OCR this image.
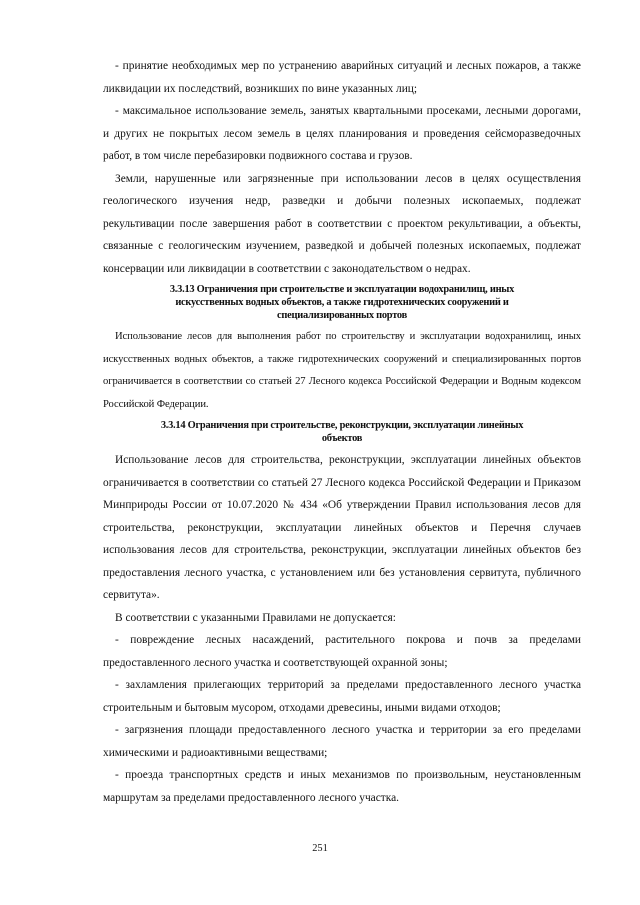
- принятие необходимых мер по устранению аварийных ситуаций и лесных пожаров, а также ликвидации их последствий, возникших по вине указанных лиц;

- максимальное использование земель, занятых квартальными просеками, лесными дорогами, и других не покрытых лесом земель в целях планирования и проведения сейсморазведочных работ, в том числе перебазировки подвижного состава и грузов.

Земли, нарушенные или загрязненные при использовании лесов в целях осуществления геологического изучения недр, разведки и добычи полезных ископаемых, подлежат рекультивации после завершения работ в соответствии с проектом рекультивации, а объекты, связанные с геологическим изучением, разведкой и добычей полезных ископаемых, подлежат консервации или ликвидации в соответствии с законодательством о недрах.

3.3.13 Ограничения при строительстве и эксплуатации водохранилищ, иных искусственных водных объектов, а также гидротехнических сооружений и специализированных портов

Использование лесов для выполнения работ по строительству и эксплуатации водохранилищ, иных искусственных водных объектов, а также гидротехнических сооружений и специализированных портов ограничивается в соответствии со статьей 27 Лесного кодекса Российской Федерации и Водным кодексом Российской Федерации.

3.3.14 Ограничения при строительстве, реконструкции, эксплуатации линейных объектов

Использование лесов для строительства, реконструкции, эксплуатации линейных объектов ограничивается в соответствии со статьей 27 Лесного кодекса Российской Федерации и Приказом Минприроды России от 10.07.2020 № 434 «Об утверждении Правил использования лесов для строительства, реконструкции, эксплуатации линейных объектов и Перечня случаев использования лесов для строительства, реконструкции, эксплуатации линейных объектов без предоставления лесного участка, с установлением или без установления сервитута, публичного сервитута».

В соответствии с указанными Правилами не допускается:

- повреждение лесных насаждений, растительного покрова и почв за пределами предоставленного лесного участка и соответствующей охранной зоны;

- захламления прилегающих территорий за пределами предоставленного лесного участка строительным и бытовым мусором, отходами древесины, иными видами отходов;

- загрязнения площади предоставленного лесного участка и территории за его пределами химическими и радиоактивными веществами;

- проезда транспортных средств и иных механизмов по произвольным, неустановленным маршрутам за пределами предоставленного лесного участка.

251
